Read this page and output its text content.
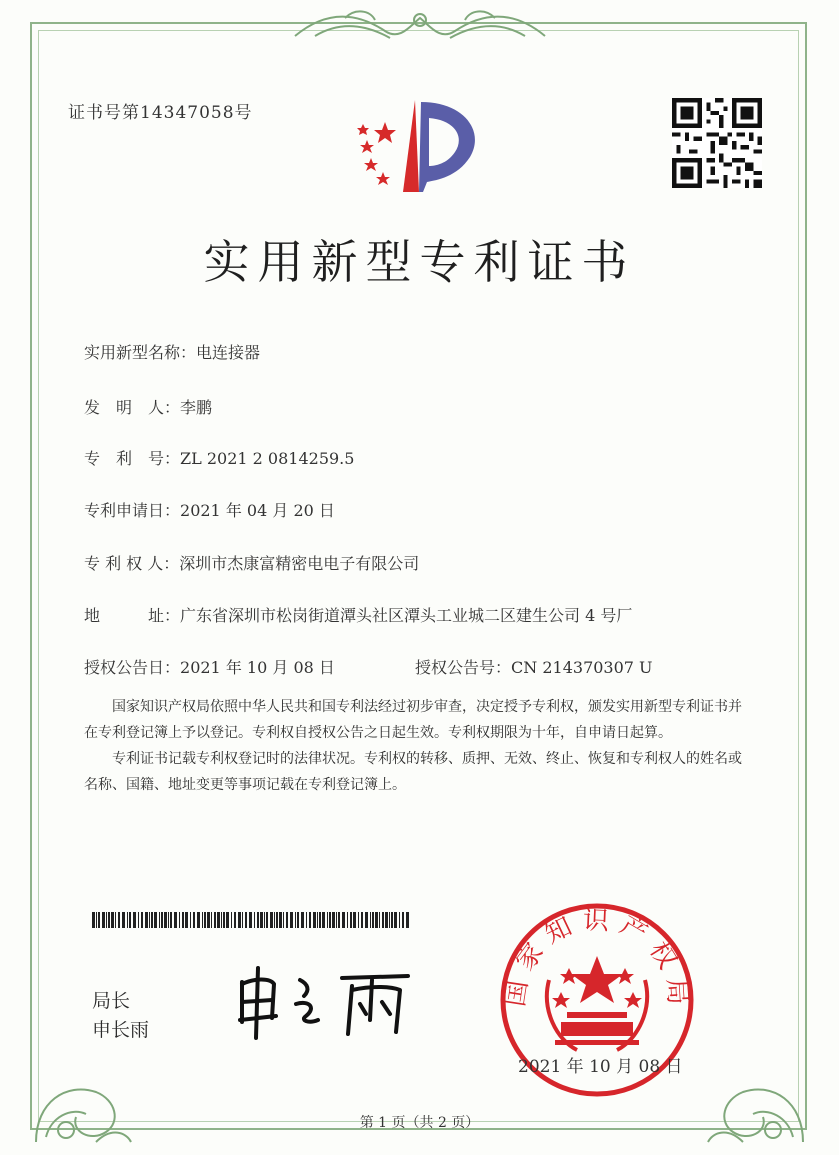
证书号第14347058号
实用新型专利证书
实用新型名称：电连接器
发　明　人：李鹏
专　利　号：ZL 2021 2 0814259.5
专利申请日：2021 年 04 月 20 日
专 利 权 人：深圳市杰康富精密电电子有限公司
地　　　址：广东省深圳市松岗街道潭头社区潭头工业城二区建生公司 4 号厂
授权公告日：2021 年 10 月 08 日	授权公告号：CN 214370307 U

国家知识产权局依照中华人民共和国专利法经过初步审查，决定授予专利权，颁发实用新型专利证书并在专利登记簿上予以登记。专利权自授权公告之日起生效。专利权期限为十年，自申请日起算。

专利证书记载专利权登记时的法律状况。专利权的转移、质押、无效、终止、恢复和专利权人的姓名或名称、国籍、地址变更等事项记载在专利登记簿上。

局长
申长雨
国家知识产权局
2021 年 10 月 08 日
第 1 页（共 2 页）
